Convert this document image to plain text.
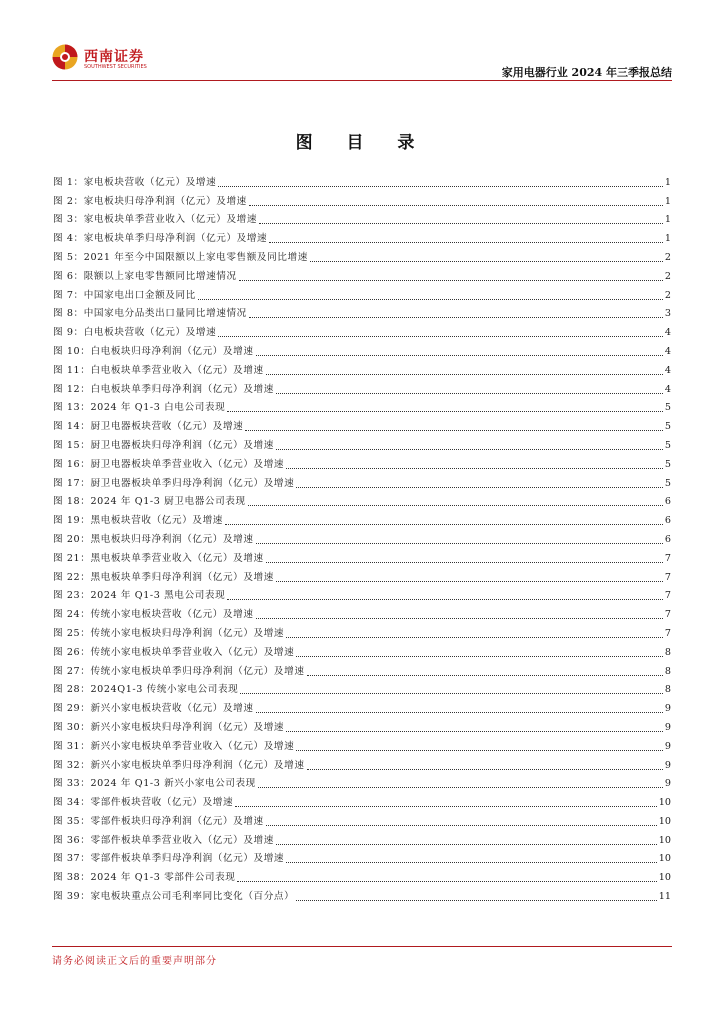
西南证券
SOUTHWEST SECURITIES	家用电器行业 2024 年三季报总结
图 目 录
图 1：家电板块营收（亿元）及增速	1
图 2：家电板块归母净利润（亿元）及增速	1
图 3：家电板块单季营业收入（亿元）及增速	1
图 4：家电板块单季归母净利润（亿元）及增速	1
图 5：2021 年至今中国限额以上家电零售额及同比增速	2
图 6：限额以上家电零售额同比增速情况	2
图 7：中国家电出口金额及同比	2
图 8：中国家电分品类出口量同比增速情况	3
图 9：白电板块营收（亿元）及增速	4
图 10：白电板块归母净利润（亿元）及增速	4
图 11：白电板块单季营业收入（亿元）及增速	4
图 12：白电板块单季归母净利润（亿元）及增速	4
图 13：2024 年 Q1-3 白电公司表现	5
图 14：厨卫电器板块营收（亿元）及增速	5
图 15：厨卫电器板块归母净利润（亿元）及增速	5
图 16：厨卫电器板块单季营业收入（亿元）及增速	5
图 17：厨卫电器板块单季归母净利润（亿元）及增速	5
图 18：2024 年 Q1-3 厨卫电器公司表现	6
图 19：黑电板块营收（亿元）及增速	6
图 20：黑电板块归母净利润（亿元）及增速	6
图 21：黑电板块单季营业收入（亿元）及增速	7
图 22：黑电板块单季归母净利润（亿元）及增速	7
图 23：2024 年 Q1-3 黑电公司表现	7
图 24：传统小家电板块营收（亿元）及增速	7
图 25：传统小家电板块归母净利润（亿元）及增速	7
图 26：传统小家电板块单季营业收入（亿元）及增速	8
图 27：传统小家电板块单季归母净利润（亿元）及增速	8
图 28：2024Q1-3 传统小家电公司表现	8
图 29：新兴小家电板块营收（亿元）及增速	9
图 30：新兴小家电板块归母净利润（亿元）及增速	9
图 31：新兴小家电板块单季营业收入（亿元）及增速	9
图 32：新兴小家电板块单季归母净利润（亿元）及增速	9
图 33：2024 年 Q1-3 新兴小家电公司表现	9
图 34：零部件板块营收（亿元）及增速	10
图 35：零部件板块归母净利润（亿元）及增速	10
图 36：零部件板块单季营业收入（亿元）及增速	10
图 37：零部件板块单季归母净利润（亿元）及增速	10
图 38：2024 年 Q1-3 零部件公司表现	10
图 39：家电板块重点公司毛利率同比变化（百分点）	11
请务必阅读正文后的重要声明部分
